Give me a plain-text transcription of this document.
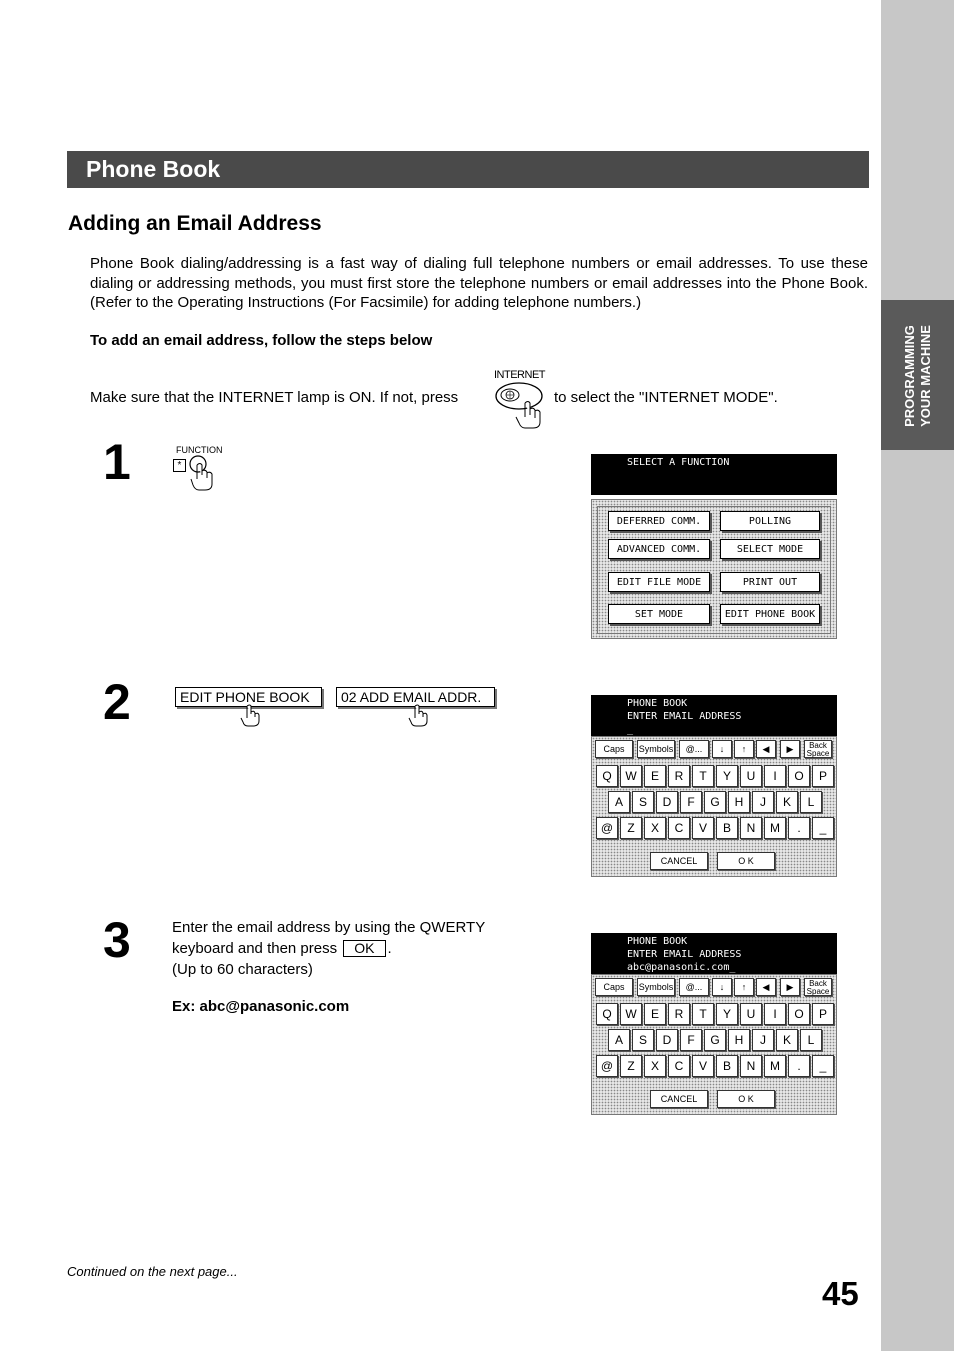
PROGRAMMING YOUR MACHINE
Phone Book
Adding an Email Address
Phone Book dialing/addressing is a fast way of dialing full telephone numbers or email addresses. To use these dialing or addressing methods, you must first store the telephone numbers or email addresses into the Phone Book. (Refer to the Operating Instructions (For Facsimile) for adding telephone numbers.)
To add an email address, follow the steps below
Make sure that the INTERNET lamp is ON. If not, press
INTERNET
to select the "INTERNET MODE".
1	FUNCTION
*	SELECT A FUNCTION
DEFERRED COMM.	POLLING
ADVANCED COMM.	SELECT MODE
EDIT FILE MODE	PRINT OUT
SET MODE	EDIT PHONE BOOK
2	EDIT PHONE BOOK	02 ADD EMAIL ADDR.	PHONE BOOK
ENTER EMAIL ADDRESS
_
Caps	Symbols	@...	↓	↑	◀	▶	Back
Space
CANCEL	O K
Q	W	E	R	T	Y	U	I	O	P
A	S	D	F	G	H	J	K	L
@	Z	X	C	V	B	N	M	.	_
3	Enter the email address by using the QWERTY
keyboard and then press OK .
(Up to 60 characters)
Ex: abc@panasonic.com
PHONE BOOK
ENTER EMAIL ADDRESS
abc@panasonic.com_
Caps	Symbols	@...	↓	↑	◀	▶	Back
Space
CANCEL	O K
Q	W	E	R	T	Y	U	I	O	P
A	S	D	F	G	H	J	K	L
@	Z	X	C	V	B	N	M	.	_
Continued on the next page...
45
